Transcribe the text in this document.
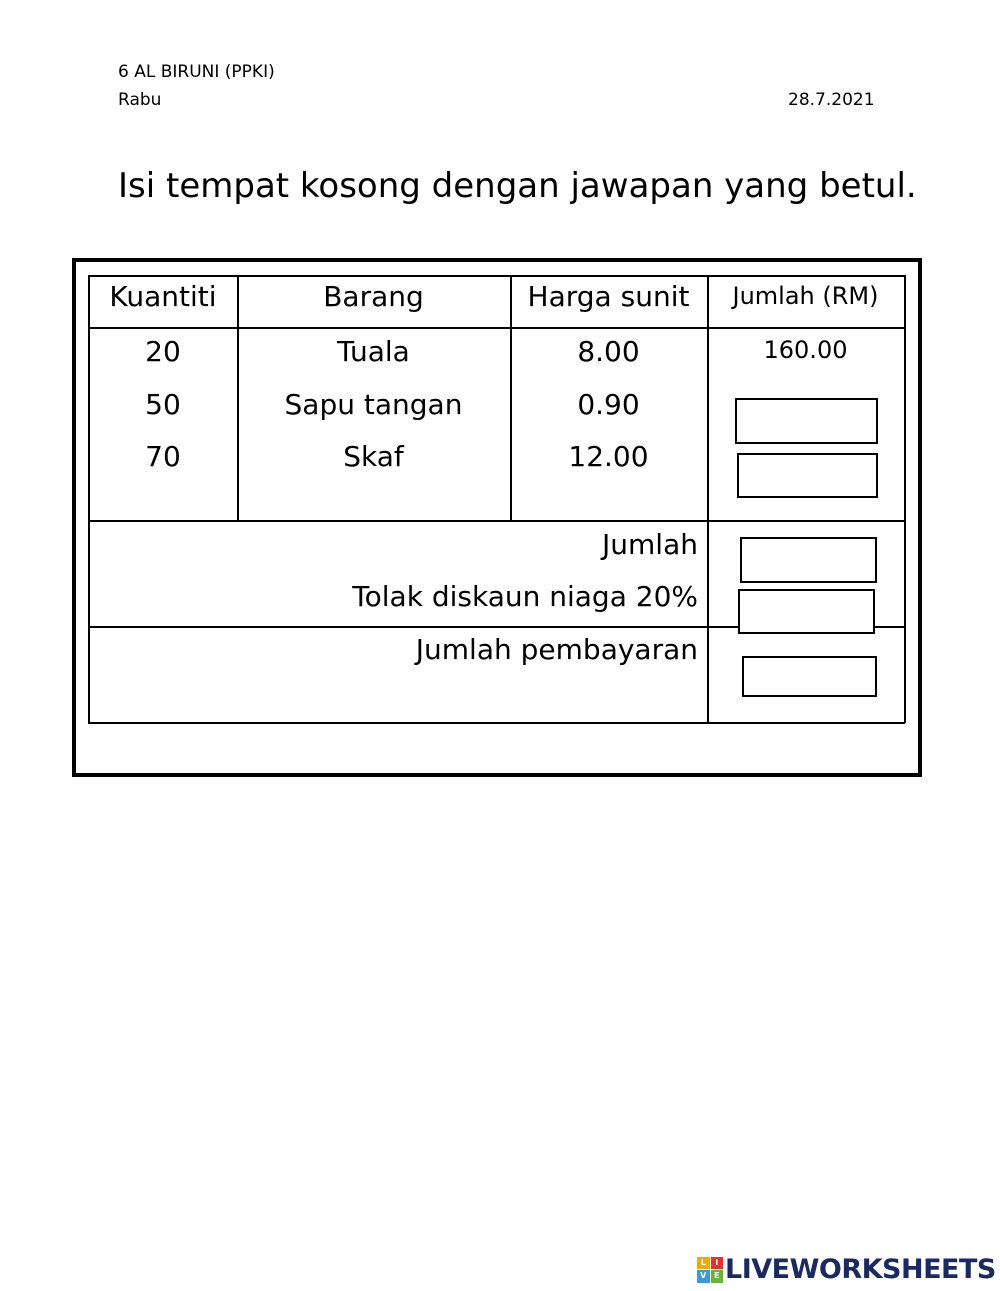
6 AL BIRUNI (PPKI)
Rabu	28.7.2021
Isi tempat kosong dengan jawapan yang betul.
Kuantiti	Barang	Harga sunit	Jumlah (RM)
20	Tuala	8.00	160.00
50	Sapu tangan	0.90
70	Skaf	12.00
Jumlah
Tolak diskaun niaga 20%
Jumlah pembayaran
L	I
V E LIVEWORKSHEETS
